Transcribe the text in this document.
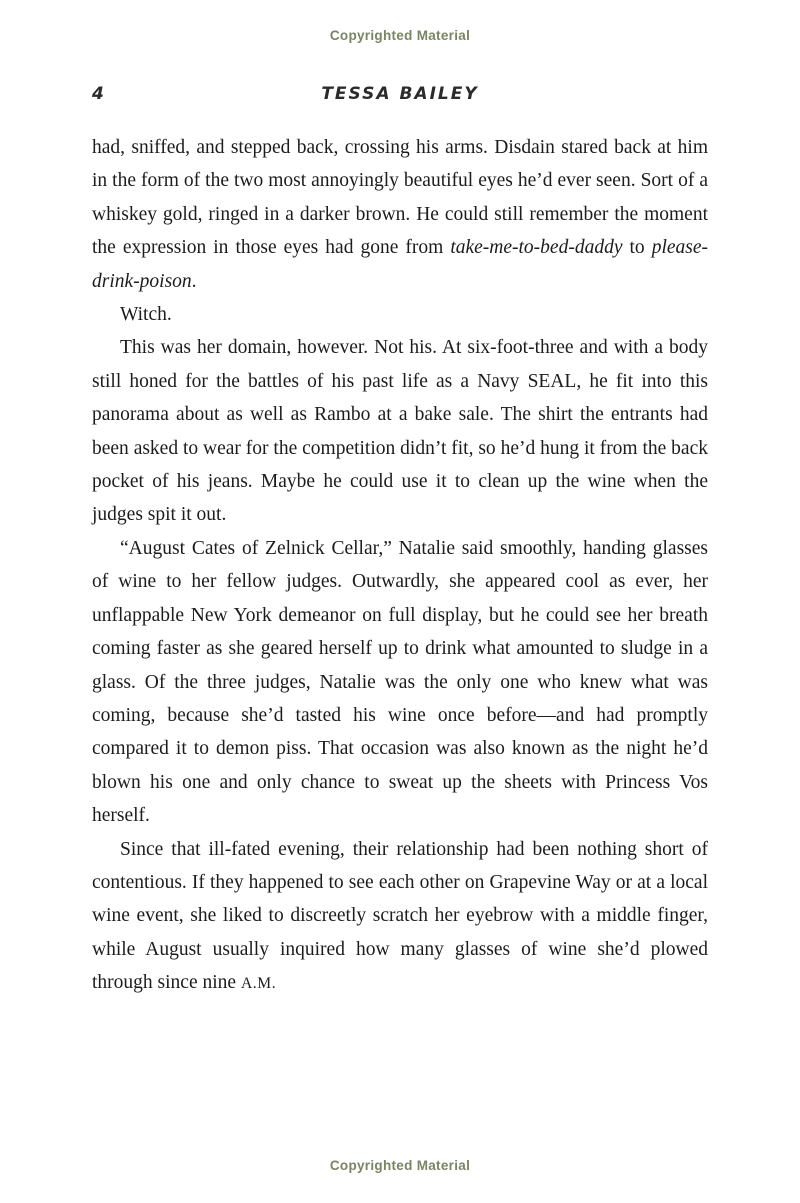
Copyrighted Material
4	TESSA BAILEY

had, sniffed, and stepped back, crossing his arms. Disdain stared back at him in the form of the two most annoyingly beautiful eyes he’d ever seen. Sort of a whiskey gold, ringed in a darker brown. He could still remember the moment the expression in those eyes had gone from take-me-to-bed-daddy to please-drink-poison.

Witch.

This was her domain, however. Not his. At six-foot-three and with a body still honed for the battles of his past life as a Navy SEAL, he fit into this panorama about as well as Rambo at a bake sale. The shirt the entrants had been asked to wear for the competition didn’t fit, so he’d hung it from the back pocket of his jeans. Maybe he could use it to clean up the wine when the judges spit it out.

“August Cates of Zelnick Cellar,” Natalie said smoothly, handing glasses of wine to her fellow judges. Outwardly, she appeared cool as ever, her unflappable New York demeanor on full display, but he could see her breath coming faster as she geared herself up to drink what amounted to sludge in a glass. Of the three judges, Natalie was the only one who knew what was coming, because she’d tasted his wine once before—and had promptly compared it to demon piss. That occasion was also known as the night he’d blown his one and only chance to sweat up the sheets with Princess Vos herself.

Since that ill-fated evening, their relationship had been nothing short of contentious. If they happened to see each other on Grapevine Way or at a local wine event, she liked to discreetly scratch her eyebrow with a middle finger, while August usually inquired how many glasses of wine she’d plowed through since nine A.M.

Copyrighted Material
